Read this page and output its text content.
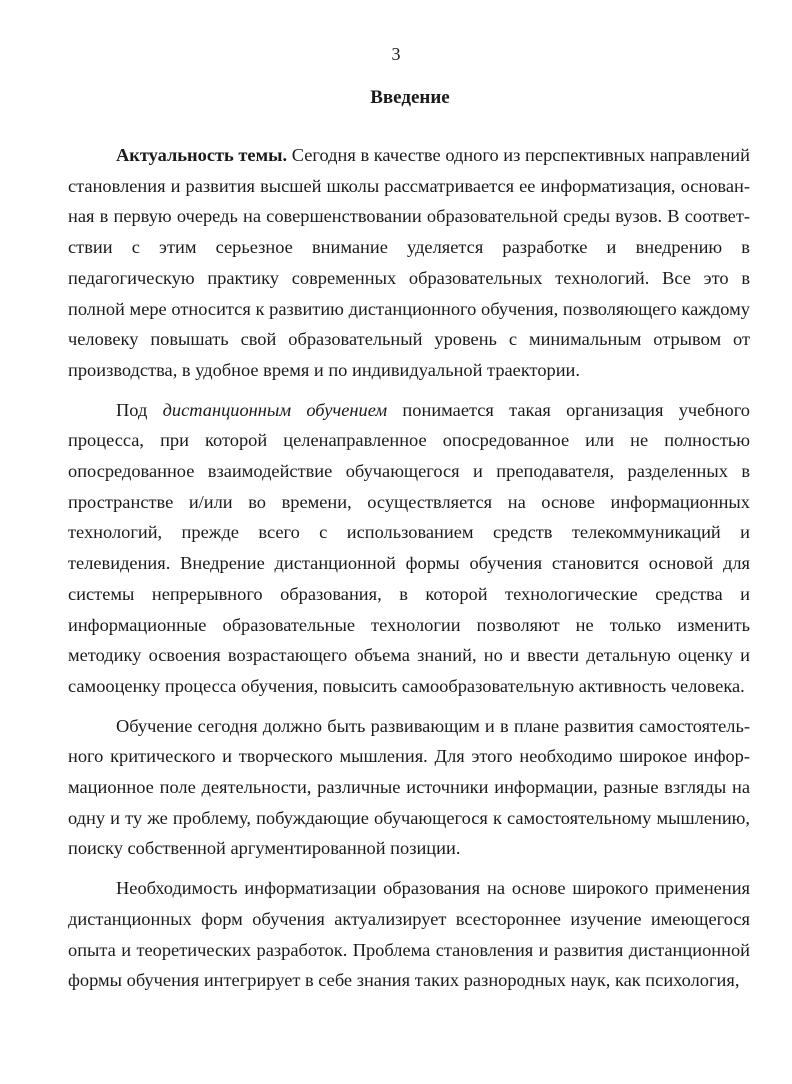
3
Введение

Актуальность темы. Сегодня в качестве одного из перспективных направлений становления и развития высшей школы рассматривается ее информатизация, основанная в первую очередь на совершенствовании образовательной среды вузов. В соответствии с этим серьезное внимание уделяется разработке и внедрению в педагогическую практику современных образовательных технологий. Все это в полной мере относится к развитию дистанционного обучения, позволяющего каждому человеку повышать свой образовательный уровень с минимальным отрывом от производства, в удобное время и по индивидуальной траектории.

Под дистанционным обучением понимается такая организация учебного процесса, при которой целенаправленное опосредованное или не полностью опосредованное взаимодействие обучающегося и преподавателя, разделенных в пространстве и/или во времени, осуществляется на основе информационных технологий, прежде всего с использованием средств телекоммуникаций и телевидения. Внедрение дистанционной формы обучения становится основой для системы непрерывного образования, в которой технологические средства и информационные образовательные технологии позволяют не только изменить методику освоения возрастающего объема знаний, но и ввести детальную оценку и самооценку процесса обучения, повысить самообразовательную активность человека.

Обучение сегодня должно быть развивающим и в плане развития самостоятельного критического и творческого мышления. Для этого необходимо широкое информационное поле деятельности, различные источники информации, разные взгляды на одну и ту же проблему, побуждающие обучающегося к самостоятельному мышлению, поиску собственной аргументированной позиции.

Необходимость информатизации образования на основе широкого применения дистанционных форм обучения актуализирует всестороннее изучение имеющегося опыта и теоретических разработок. Проблема становления и развития дистанционной формы обучения интегрирует в себе знания таких разнородных наук, как психология,
